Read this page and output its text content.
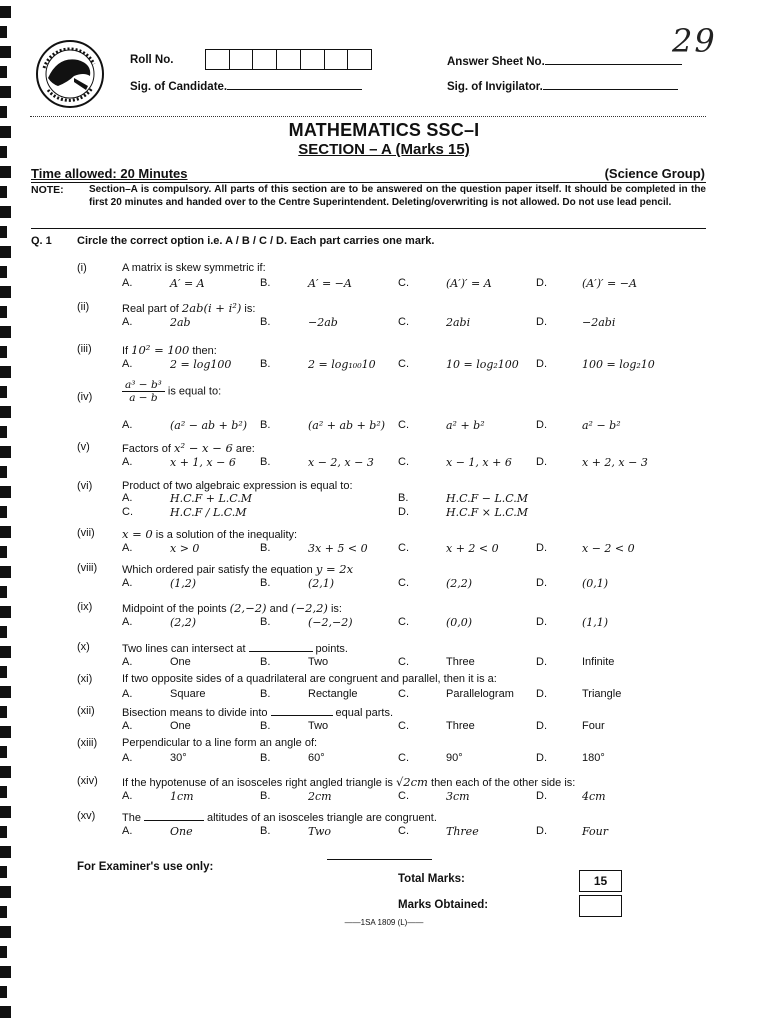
29
Roll No.	Answer Sheet No.
Sig. of Candidate.	Sig. of Invigilator.
MATHEMATICS SSC–I
SECTION – A (Marks 15)
Time allowed: 20 Minutes	(Science Group)
NOTE:	Section–A is compulsory. All parts of this section are to be answered on the question paper itself. It should be completed in the first 20 minutes and handed over to the Centre Superintendent. Deleting/overwriting is not allowed. Do not use lead pencil.
Q. 1 Circle the correct option i.e. A / B / C / D. Each part carries one mark.
(i)	A matrix is skew symmetric if:
A.	A′ = A	B.	A′ = −A	C.	(A′)′ = A	D.	(A′)′ = −A
(ii)	Real part of 2ab(i + i²) is:
A.	2ab	B.	−2ab	C.	2abi	D.	−2abi
(iii)	If 10² = 100 then:
A.	2 = log100	B.	2 = log₁₀₀10 C.	10 = log₂100 D.	100 = log₂10
(iv)	$\frac{\text{a³ − b³}}{a - b}$ is equal to:
A.	(a² − ab + b²) B.	(a² + ab + b²) C.	a² + b²	D.	a² − b²
(v)	Factors of x² − x − 6 are:
A.	x + 1, x − 6 B.	x − 2, x − 3 C.	x − 1, x + 6 D.	x + 2, x − 3
(vi)	Product of two algebraic expression is equal to:
A.	H.C.F + L.C.M	B.	H.C.F − L.C.M
C.	H.C.F / L.C.M	D.	H.C.F × L.C.M
(vii) x = 0 is a solution of the inequality:
A.	x > 0	B.	3x + 5 < 0	C.	x + 2 < 0	D.	x − 2 < 0
(viii) Which ordered pair satisfy the equation y = 2x
A.	(1,2)	B.	(2,1)	C.	(2,2)	D.	(0,1)
(ix)	Midpoint of the points (2,−2) and (−2,2) is:
A.	(2,2)	B.	(−2,−2)	C.	(0,0)	D.	(1,1)
(x)	Two lines can intersect at	points.
A.	One	B.	Two	C.	Three	D.	Infinite
(xi)	If two opposite sides of a quadrilateral are congruent and parallel, then it is a:
A.	Square	B.	Rectangle	C.	Parallelogram D.	Triangle
(xii) Bisection means to divide into	equal parts.
A.	One	B.	Two	C.	Three	D.	Four
(xiii) Perpendicular to a line form an angle of:
A.	30°	B.	60°	C.	90°	D.	180°
(xiv) If the hypotenuse of an isosceles right angled triangle is √2cm then each of the other side is:
A.	1cm	B.	2cm	C.	3cm	D.	4cm
(xv) The	altitudes of an isosceles triangle are congruent.
A.	One	B.	Two	C.	Three	D.	Four
For Examiner's use only:
Total Marks:	15
Marks Obtained:
——1SA 1809 (L)——
